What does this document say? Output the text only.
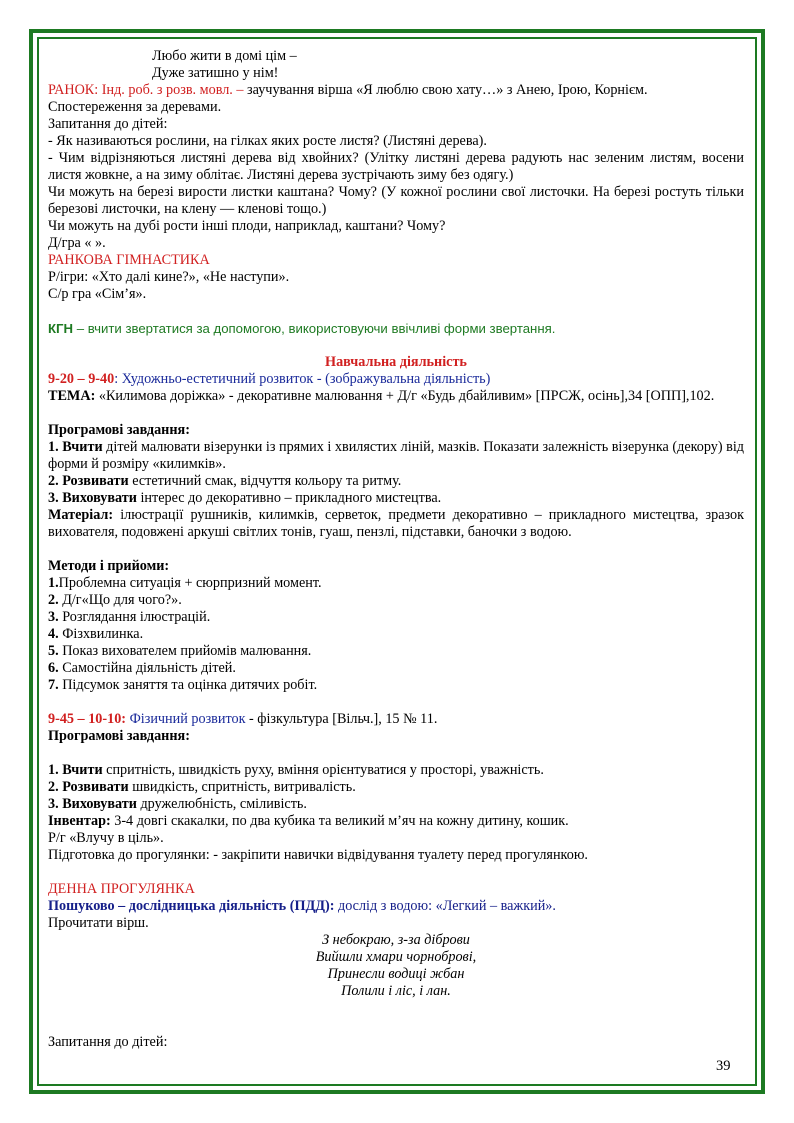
Любо жити в домі цім –

Дуже затишно у нім!

РАНОК: Інд. роб. з розв. мовл. – заучування вірша «Я люблю свою хату…» з Анею, Ірою, Корнієм.

Спостереження за деревами.

Запитання до дітей:

- Як називаються рослини, на гілках яких росте листя? (Листяні дерева).

- Чим відрізняються листяні дерева від хвойних? (Улітку листяні дерева радують нас зеленим листям, восени листя жовкне, а на зиму облітає. Листяні дерева зустрічають зиму без одягу.)

Чи можуть на березі вирости листки каштана? Чому? (У кожної рослини свої листочки. На березі ростуть тільки березові листочки, на клену — кленові тощо.)

Чи можуть на дубі рости інші плоди, наприклад, каштани? Чому?

Д/гра « ».

РАНКОВА ГІМНАСТИКА

Р/ігри: «Хто далі кине?», «Не наступи».

С/р гра «Сім’я».

КГН – вчити звертатися за допомогою, використовуючи ввічливі форми звертання.

Навчальна діяльність

9-20 – 9-40: Художньо-естетичний розвиток - (зображувальна діяльність)

ТЕМА: «Килимова доріжка» - декоративне малювання + Д/г «Будь дбайливим» [ПРСЖ, осінь],34 [ОПП],102.

Програмові завдання:

1. Вчити дітей малювати візерунки із прямих і хвилястих ліній, мазків. Показати залежність візерунка (декору) від форми й розміру «килимків».

2. Розвивати естетичний смак, відчуття кольору та ритму.

3. Виховувати інтерес до декоративно – прикладного мистецтва.

Матеріал: ілюстрації рушників, килимків, серветок, предмети декоративно – прикладного мистецтва, зразок вихователя, подовжені аркуші світлих тонів, гуаш, пензлі, підставки, баночки з водою.

Методи і прийоми:

1.Проблемна ситуація + сюрпризний момент.

2. Д/г«Що для чого?».

3. Розглядання ілюстрацій.

4. Фізхвилинка.

5. Показ вихователем прийомів малювання.

6. Самостійна діяльність дітей.

7. Підсумок заняття та оцінка дитячих робіт.

9-45 – 10-10: Фізичний розвиток - фізкультура [Вільч.], 15 № 11.

Програмові завдання:

1. Вчити спритність, швидкість руху, вміння орієнтуватися у просторі, уважність.

2. Розвивати швидкість, спритність, витривалість.

3. Виховувати дружелюбність, сміливість.

Інвентар: 3-4 довгі скакалки, по два кубика та великий м’яч на кожну дитину, кошик.

Р/г «Влучу в ціль».

Підготовка до прогулянки: - закріпити навички відвідування туалету перед прогулянкою.

ДЕННА ПРОГУЛЯНКА

Пошуково – дослідницька діяльність (ПДД): дослід з водою: «Легкий – важкий».

Прочитати вірш.

З небокраю, з-за діброви

Вийшли хмари чорноброві,

Принесли водиці жбан

Полили і ліс, і лан.

Запитання до дітей:

39
